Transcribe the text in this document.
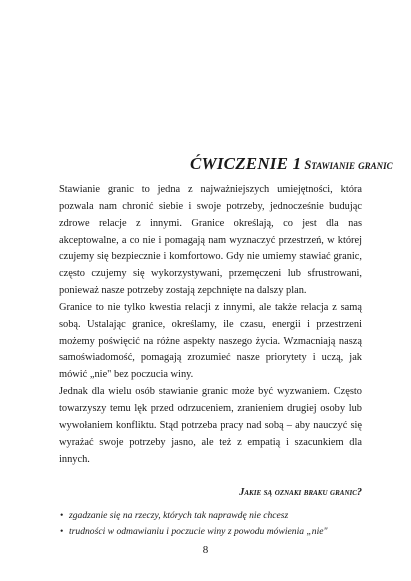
ĆWICZENIE 1 Stawianie granic

Stawianie granic to jedna z najważniejszych umiejętności, która pozwala nam chronić siebie i swoje potrzeby, jednocześnie budując zdrowe relacje z innymi. Granice określają, co jest dla nas akceptowalne, a co nie i pomagają nam wyznaczyć przestrzeń, w której czujemy się bezpiecznie i komfortowo. Gdy nie umiemy stawiać granic, często czujemy się wykorzystywani, przemęczeni lub sfrustrowani, ponieważ nasze potrzeby zostają zepchnięte na dalszy plan.

Granice to nie tylko kwestia relacji z innymi, ale także relacja z samą sobą. Ustalając granice, określamy, ile czasu, energii i przestrzeni możemy poświęcić na różne aspekty naszego życia. Wzmacniają naszą samoświadomość, pomagają zrozumieć nasze priorytety i uczą, jak mówić „nie" bez poczucia winy.

Jednak dla wielu osób stawianie granic może być wyzwaniem. Często towarzyszy temu lęk przed odrzuceniem, zranieniem drugiej osoby lub wywołaniem konfliktu. Stąd potrzeba pracy nad sobą – aby nauczyć się wyrażać swoje potrzeby jasno, ale też z empatią i szacunkiem dla innych.

Jakie są oznaki braku granic?
• zgadzanie się na rzeczy, których tak naprawdę nie chcesz
• trudności w odmawianiu i poczucie winy z powodu mówienia „nie"
8
